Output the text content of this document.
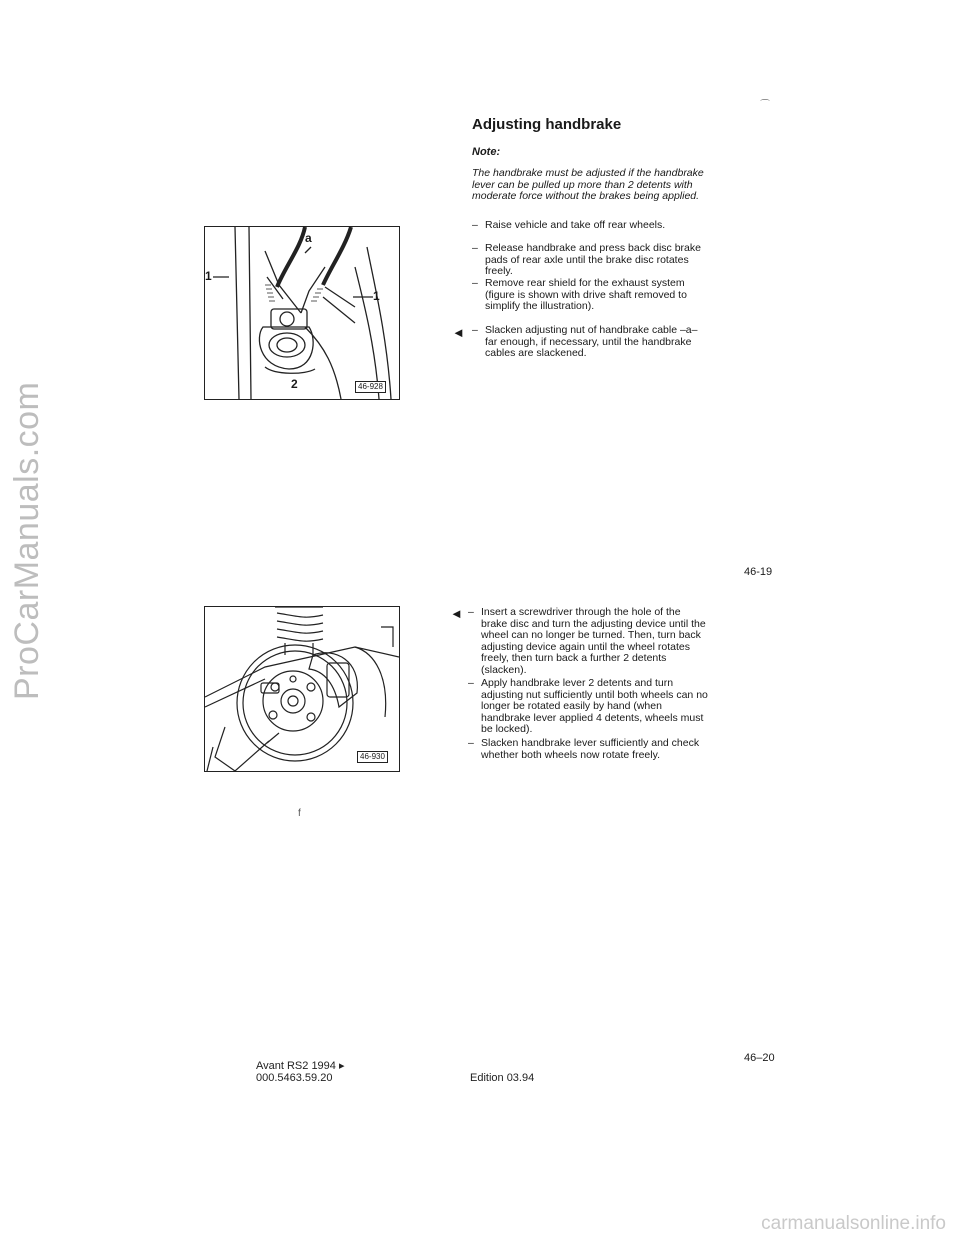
ProCarManuals.com
carmanualsonline.info
⌒
Adjusting handbrake
Note:
The handbrake must be adjusted if the handbrake lever can be pulled up more than 2 detents with moderate force without the brakes being applied.
a
1
1
2	46-928
– Raise vehicle and take off rear wheels.
– Release handbrake and press back disc brake pads of rear axle until the brake disc rotates freely.
– Remove rear shield for the exhaust system (figure is shown with drive shaft removed to simplify the illustration).
◄ – Slacken adjusting nut of handbrake cable –a– far enough, if necessary, until the handbrake cables are slackened.
46-19
46-930
◄ – Insert a screwdriver through the hole of the brake disc and turn the adjusting device until the wheel can no longer be turned. Then, turn back adjusting device again until the wheel rotates freely, then turn back a further 2 detents (slacken).
– Apply handbrake lever 2 detents and turn adjusting nut sufficiently until both wheels can no longer be rotated easily by hand (when handbrake lever applied 4 detents, wheels must be locked).
– Slacken handbrake lever sufficiently and check whether both wheels now rotate freely.
f
Avant RS2 1994 ▸
000.5463.59.20	Edition 03.94
46–20
